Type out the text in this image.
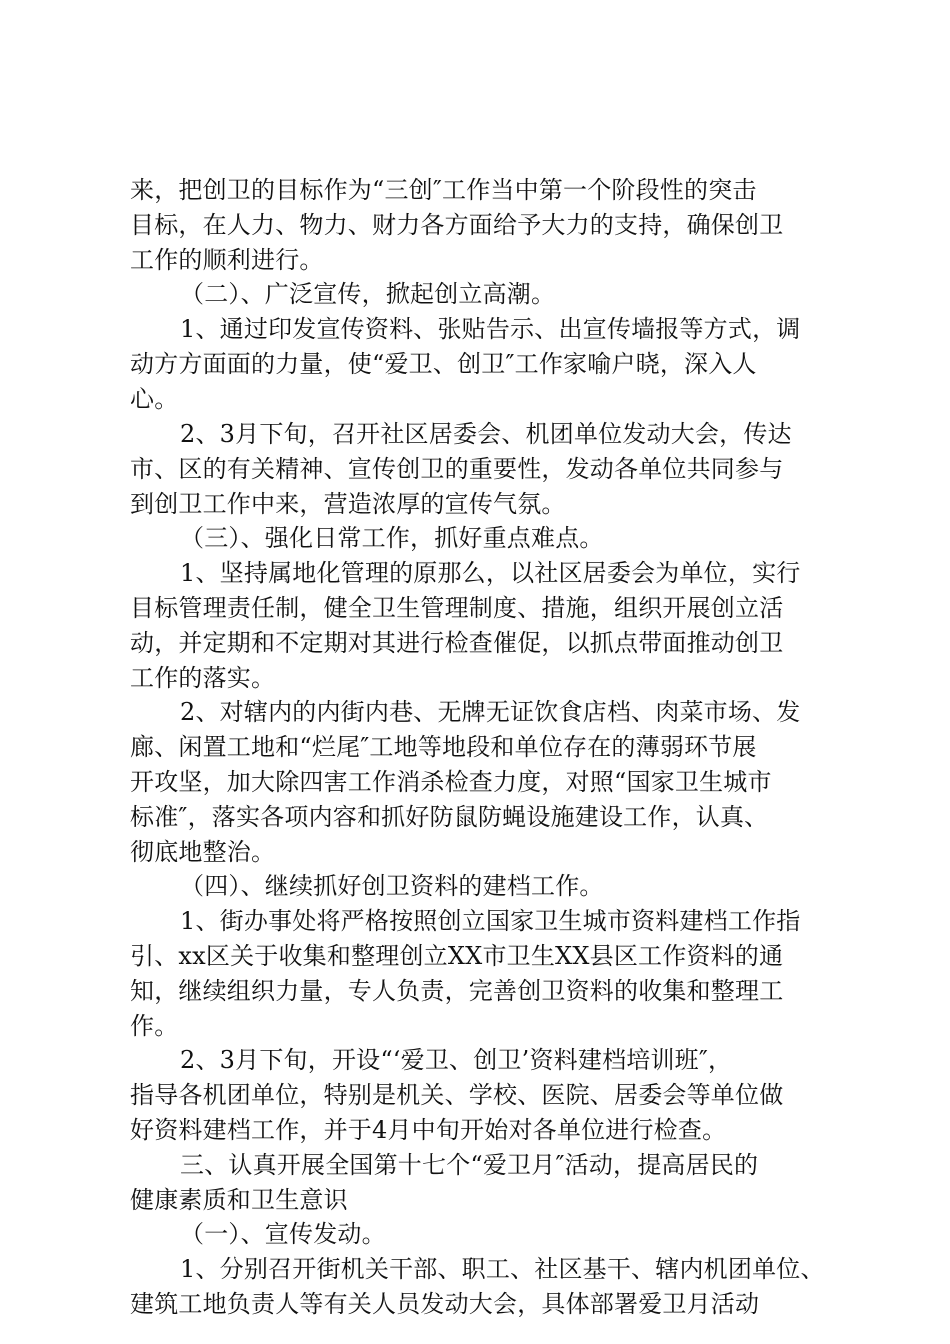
来，把创卫的目标作为“三创″工作当中第一个阶段性的突击
目标，在人力、物力、财力各方面给予大力的支持，确保创卫
工作的顺利进行。
（二）、广泛宣传，掀起创立高潮。
1、通过印发宣传资料、张贴告示、出宣传墙报等方式，调
动方方面面的力量，使“爱卫、创卫″工作家喻户晓，深入人
心。
2、3月下旬，召开社区居委会、机团单位发动大会，传达
市、区的有关精神、宣传创卫的重要性，发动各单位共同参与
到创卫工作中来，营造浓厚的宣传气氛。
（三）、强化日常工作，抓好重点难点。
1、坚持属地化管理的原那么，以社区居委会为单位，实行
目标管理责任制，健全卫生管理制度、措施，组织开展创立活
动，并定期和不定期对其进行检查催促，以抓点带面推动创卫
工作的落实。
2、对辖内的内街内巷、无牌无证饮食店档、肉菜市场、发
廊、闲置工地和“烂尾″工地等地段和单位存在的薄弱环节展
开攻坚，加大除四害工作消杀检查力度，对照“国家卫生城市
标准″，落实各项内容和抓好防鼠防蝇设施建设工作，认真、
彻底地整治。
（四）、继续抓好创卫资料的建档工作。
1、街办事处将严格按照创立国家卫生城市资料建档工作指
引、xx区关于收集和整理创立XX市卫生XX县区工作资料的通
知，继续组织力量，专人负责，完善创卫资料的收集和整理工
作。
2、3月下旬，开设“‘爱卫、创卫’资料建档培训班″，
指导各机团单位，特别是机关、学校、医院、居委会等单位做
好资料建档工作，并于4月中旬开始对各单位进行检查。
三、认真开展全国第十七个“爱卫月″活动，提高居民的
健康素质和卫生意识
（一）、宣传发动。
1、分别召开街机关干部、职工、社区基干、辖内机团单位、
建筑工地负责人等有关人员发动大会，具体部署爱卫月活动
